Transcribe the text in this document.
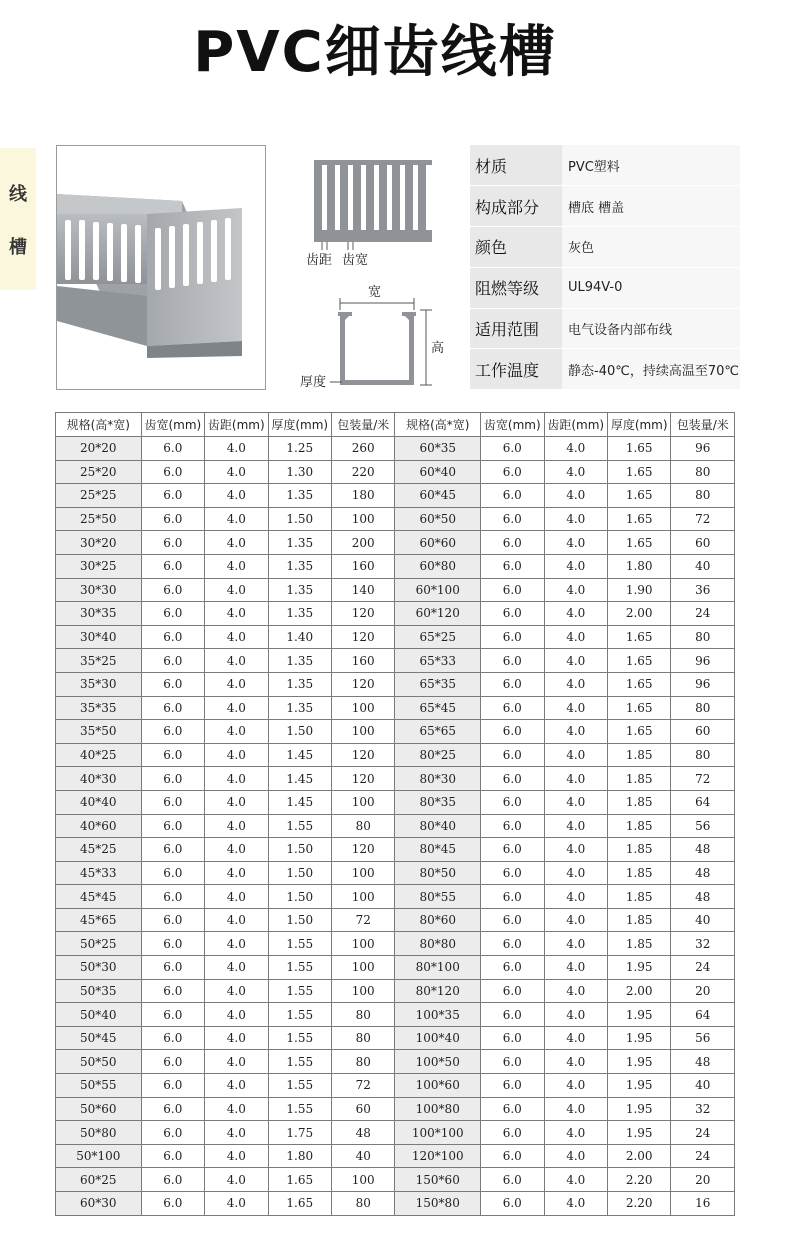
PVC细齿线槽
线
槽
齿距 齿宽
宽
高
厚度
材质	PVC塑料
构成部分	槽底 槽盖
颜色	灰色
阻燃等级	UL94V-0
适用范围	电气设备内部布线
工作温度	静态-40℃，持续高温至70℃
规格(高*宽)	齿宽(mm)	齿距(mm)	厚度(mm)	包装量/米	规格(高*宽)	齿宽(mm)	齿距(mm)	厚度(mm)	包装量/米
20*20	6.0	4.0	1.25	260	60*35	6.0	4.0	1.65	96
25*20	6.0	4.0	1.30	220	60*40	6.0	4.0	1.65	80
25*25	6.0	4.0	1.35	180	60*45	6.0	4.0	1.65	80
25*50	6.0	4.0	1.50	100	60*50	6.0	4.0	1.65	72
30*20	6.0	4.0	1.35	200	60*60	6.0	4.0	1.65	60
30*25	6.0	4.0	1.35	160	60*80	6.0	4.0	1.80	40
30*30	6.0	4.0	1.35	140	60*100	6.0	4.0	1.90	36
30*35	6.0	4.0	1.35	120	60*120	6.0	4.0	2.00	24
30*40	6.0	4.0	1.40	120	65*25	6.0	4.0	1.65	80
35*25	6.0	4.0	1.35	160	65*33	6.0	4.0	1.65	96
35*30	6.0	4.0	1.35	120	65*35	6.0	4.0	1.65	96
35*35	6.0	4.0	1.35	100	65*45	6.0	4.0	1.65	80
35*50	6.0	4.0	1.50	100	65*65	6.0	4.0	1.65	60
40*25	6.0	4.0	1.45	120	80*25	6.0	4.0	1.85	80
40*30	6.0	4.0	1.45	120	80*30	6.0	4.0	1.85	72
40*40	6.0	4.0	1.45	100	80*35	6.0	4.0	1.85	64
40*60	6.0	4.0	1.55	80	80*40	6.0	4.0	1.85	56
45*25	6.0	4.0	1.50	120	80*45	6.0	4.0	1.85	48
45*33	6.0	4.0	1.50	100	80*50	6.0	4.0	1.85	48
45*45	6.0	4.0	1.50	100	80*55	6.0	4.0	1.85	48
45*65	6.0	4.0	1.50	72	80*60	6.0	4.0	1.85	40
50*25	6.0	4.0	1.55	100	80*80	6.0	4.0	1.85	32
50*30	6.0	4.0	1.55	100	80*100	6.0	4.0	1.95	24
50*35	6.0	4.0	1.55	100	80*120	6.0	4.0	2.00	20
50*40	6.0	4.0	1.55	80	100*35	6.0	4.0	1.95	64
50*45	6.0	4.0	1.55	80	100*40	6.0	4.0	1.95	56
50*50	6.0	4.0	1.55	80	100*50	6.0	4.0	1.95	48
50*55	6.0	4.0	1.55	72	100*60	6.0	4.0	1.95	40
50*60	6.0	4.0	1.55	60	100*80	6.0	4.0	1.95	32
50*80	6.0	4.0	1.75	48	100*100	6.0	4.0	1.95	24
50*100	6.0	4.0	1.80	40	120*100	6.0	4.0	2.00	24
60*25	6.0	4.0	1.65	100	150*60	6.0	4.0	2.20	20
60*30	6.0	4.0	1.65	80	150*80	6.0	4.0	2.20	16
